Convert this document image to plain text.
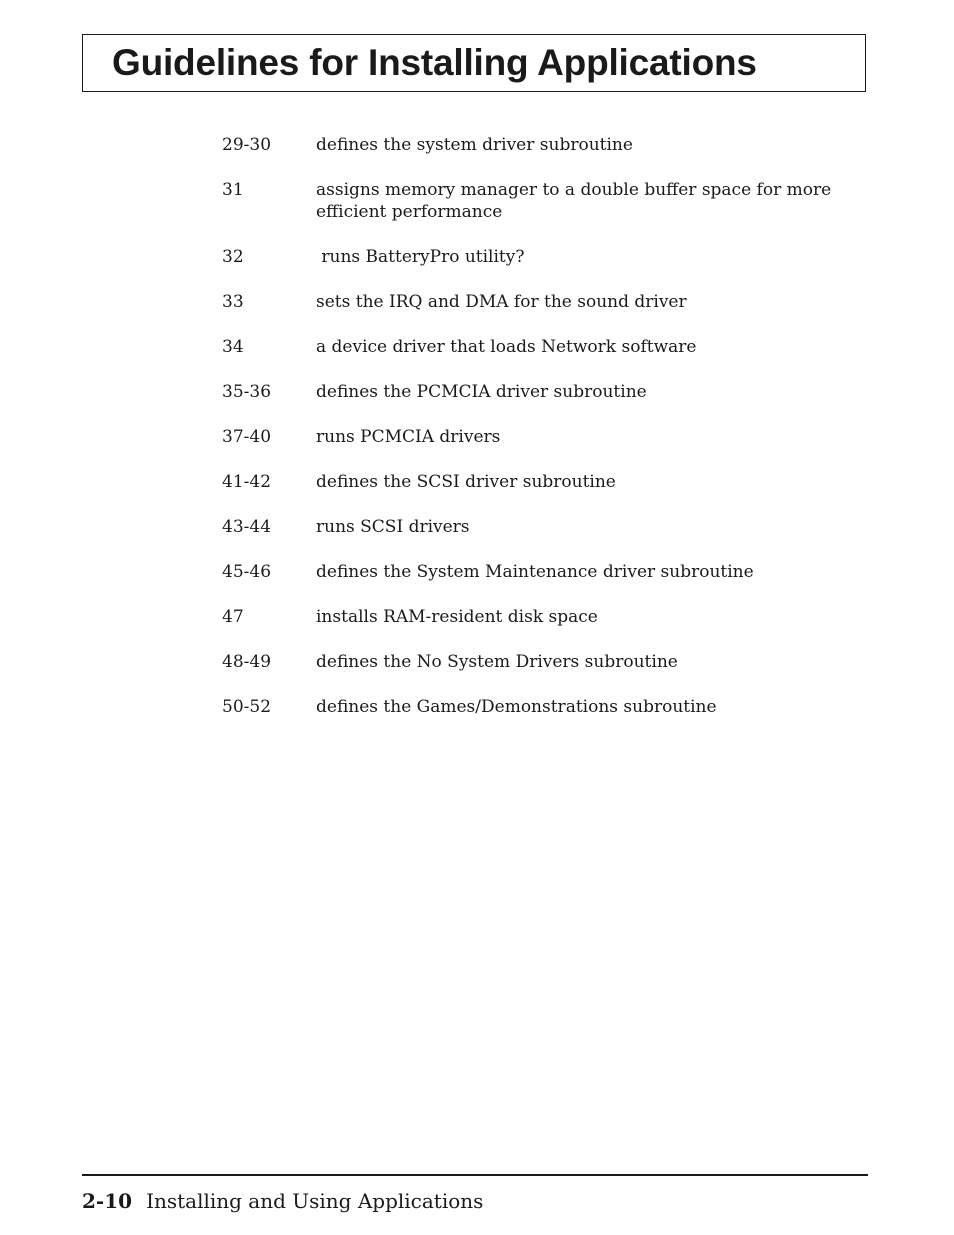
Guidelines for Installing Applications
29-30	defines the system driver subroutine
31	assigns memory manager to a double buffer space for more efficient performance
32	runs BatteryPro utility?
33	sets the IRQ and DMA for the sound driver
34	a device driver that loads Network software
35-36	defines the PCMCIA driver subroutine
37-40	runs PCMCIA drivers
41-42	defines the SCSI driver subroutine
43-44	runs SCSI drivers
45-46	defines the System Maintenance driver subroutine
47	installs RAM-resident disk space
48-49	defines the No System Drivers subroutine
50-52	defines the Games/Demonstrations subroutine
2-10 Installing and Using Applications
